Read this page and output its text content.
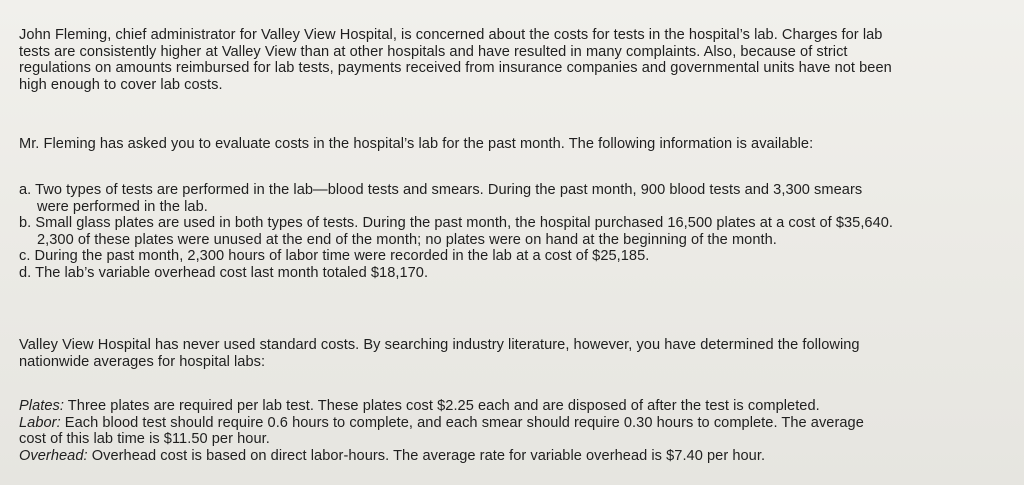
John Fleming, chief administrator for Valley View Hospital, is concerned about the costs for tests in the hospital’s lab. Charges for lab
tests are consistently higher at Valley View than at other hospitals and have resulted in many complaints. Also, because of strict
regulations on amounts reimbursed for lab tests, payments received from insurance companies and governmental units have not been
high enough to cover lab costs.
Mr. Fleming has asked you to evaluate costs in the hospital’s lab for the past month. The following information is available:
a. Two types of tests are performed in the lab—blood tests and smears. During the past month, 900 blood tests and 3,300 smears
were performed in the lab.
b. Small glass plates are used in both types of tests. During the past month, the hospital purchased 16,500 plates at a cost of $35,640.
2,300 of these plates were unused at the end of the month; no plates were on hand at the beginning of the month.
c. During the past month, 2,300 hours of labor time were recorded in the lab at a cost of $25,185.
d. The lab’s variable overhead cost last month totaled $18,170.
Valley View Hospital has never used standard costs. By searching industry literature, however, you have determined the following
nationwide averages for hospital labs:
Plates: Three plates are required per lab test. These plates cost $2.25 each and are disposed of after the test is completed.
Labor: Each blood test should require 0.6 hours to complete, and each smear should require 0.30 hours to complete. The average
cost of this lab time is $11.50 per hour.
Overhead: Overhead cost is based on direct labor-hours. The average rate for variable overhead is $7.40 per hour.
